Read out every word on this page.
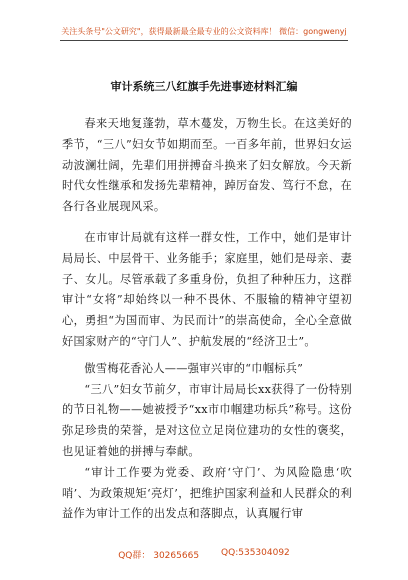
关注头条号"公文研究"，获得最新最全最专业的公文资料库！ 微信：gongwenyj
审计系统三八红旗手先进事迹材料汇编

春来天地复蓬勃，草木蔓发，万物生长。在这美好的季节，“三八”妇女节如期而至。一百多年前，世界妇女运动波澜壮阔，先辈们用拼搏奋斗换来了妇女解放。今天新时代女性继承和发扬先辈精神，踔厉奋发、笃行不怠，在各行各业展现风采。

在市审计局就有这样一群女性，工作中，她们是审计局局长、中层骨干、业务能手；家庭里，她们是母亲、妻子、女儿。尽管承载了多重身份，负担了种种压力，这群审计“女将”却始终以一种不畏休、不服输的精神守望初心，勇担“为国而审、为民而计”的崇高使命，全心全意做好国家财产的“守门人”、护航发展的“经济卫士”。

傲雪梅花香沁人——强审兴审的“巾帼标兵”

“三八”妇女节前夕，市审计局局长xx获得了一份特别的节日礼物——她被授予“xx市巾帼建功标兵”称号。这份弥足珍贵的荣誉，是对这位立足岗位建功的女性的褒奖，也见证着她的拼搏与奉献。

“审计工作要为党委、政府‘守门’、为风险隐患‘吹哨’、为政策规矩‘亮灯’，把维护国家利益和人民群众的利益作为审计工作的出发点和落脚点，认真履行审

QQ群： 30265665 QQ:535304092
